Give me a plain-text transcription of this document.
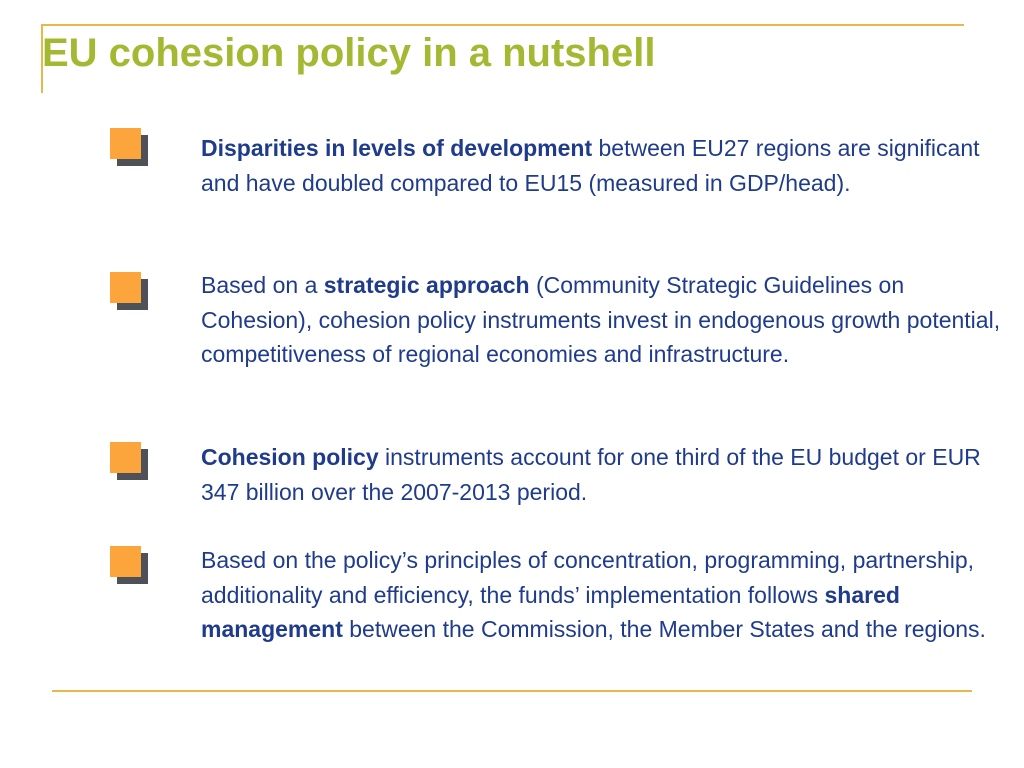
EU cohesion policy in a nutshell

Disparities in levels of development between EU27 regions are significant and have doubled compared to EU15 (measured in GDP/head).

Based on a strategic approach (Community Strategic Guidelines on Cohesion), cohesion policy instruments invest in endogenous growth potential, competitiveness of regional economies and infrastructure.

Cohesion policy instruments account for one third of the EU budget or EUR 347 billion over the 2007-2013 period.

Based on the policy’s principles of concentration, programming, partnership, additionality and efficiency, the funds’ implementation follows shared management between the Commission, the Member States and the regions.
